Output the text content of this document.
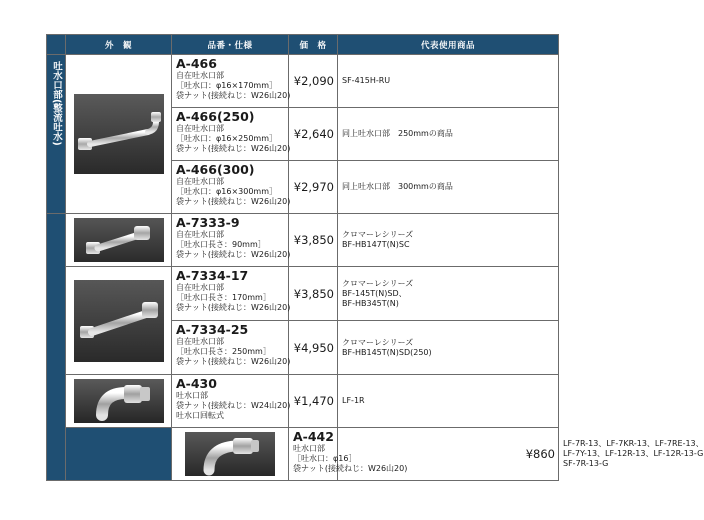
	外　観	品番・仕様	価　格	代表使用商品	
吐水口部(整流吐水)		A-466
自在吐水口部
［吐水口：φ16×170mm］
袋ナット(接続ねじ：W26山20)	¥2,090	SF-415H-RU	

		A-466(250)
自在吐水口部
［吐水口：φ16×250mm］
袋ナット(接続ねじ：W26山20)	¥2,640	同上吐水口部　250mmの商品	

		A-466(300)
自在吐水口部
［吐水口：φ16×300mm］
袋ナット(接続ねじ：W26山20)	¥2,970	同上吐水口部　300mmの商品	

A-7333-9
自在吐水口部
［吐水口長さ：90mm］
袋ナット(接続ねじ：W26山20)	¥3,850	クロマーレシリーズ
BF-HB147T(N)SC	

A-7334-17
自在吐水口部
［吐水口長さ：170mm］
袋ナット(接続ねじ：W26山20)	¥3,850	クロマーレシリーズ
BF-145T(N)SD、
BF-HB345T(N)	

		A-7334-25
自在吐水口部
［吐水口長さ：250mm］
袋ナット(接続ねじ：W26山20)	¥4,950	クロマーレシリーズ
BF-HB145T(N)SD(250)	

A-430
吐水口部
袋ナット(接続ねじ：W24山20)
吐水口回転式	¥1,470	LF-1R	

A-442
吐水口部
［吐水口：φ16］
袋ナット(接続ねじ：W26山20)	¥860	LF-7R-13、LF-7KR-13、LF-7RE-13、
LF-7Y-13、LF-12R-13、LF-12R-13-G
SF-7R-13-G
